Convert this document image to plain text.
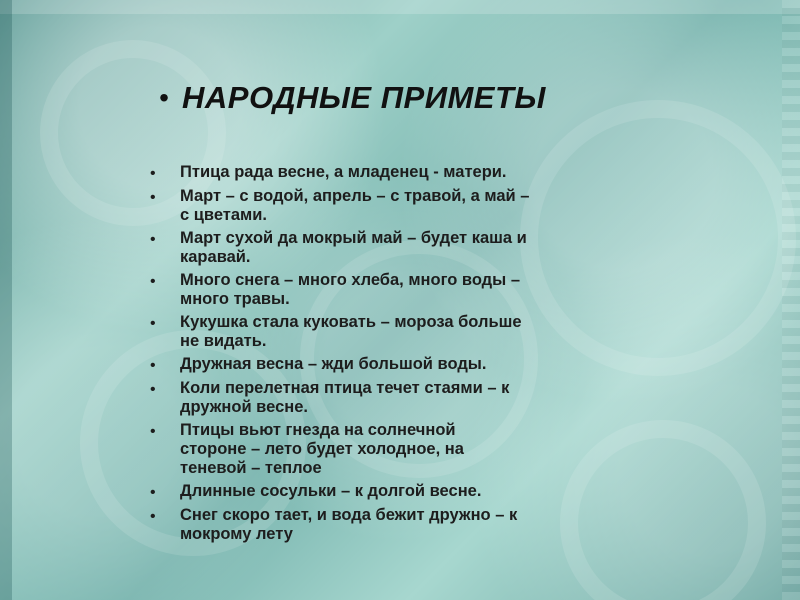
• НАРОДНЫЕ ПРИМЕТЫ
•	Птица рада весне, а младенец - матери.
•	Март – с водой, апрель – с травой, а май –
с цветами.
•	Март сухой да мокрый май – будет каша и
каравай.
•	Много снега – много хлеба, много воды –
много травы.
•	Кукушка стала куковать – мороза больше
не видать.
•	Дружная весна – жди большой воды.
•	Коли перелетная птица течет стаями – к
дружной весне.
•	Птицы вьют гнезда на солнечной
стороне – лето будет холодное, на
теневой – теплое
•	Длинные сосульки – к долгой весне.
•	Снег скоро тает, и вода бежит дружно – к
мокрому лету
